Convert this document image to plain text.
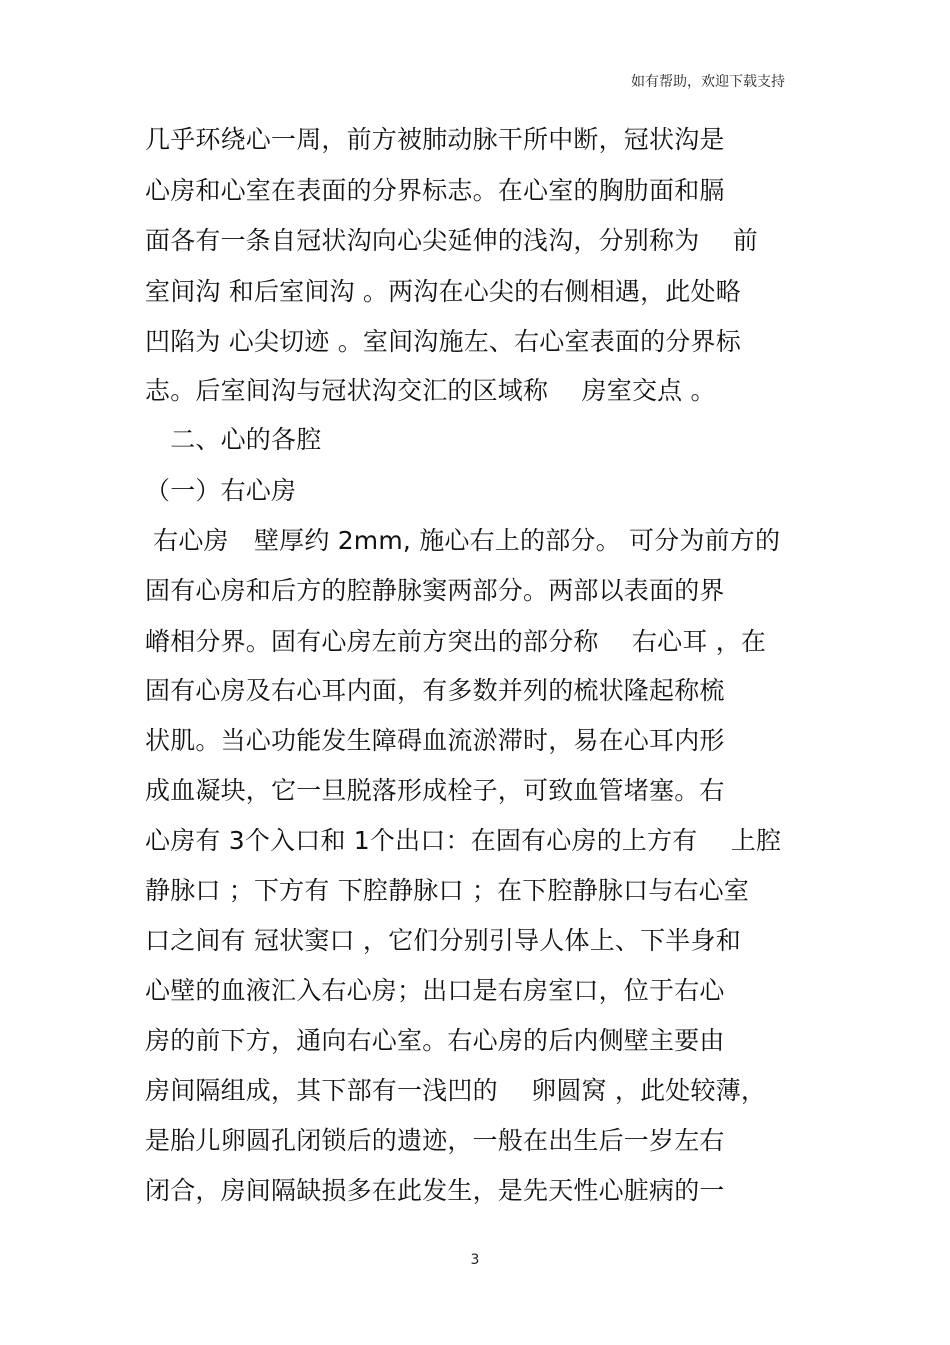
如有帮助，欢迎下载支持
几乎环绕心一周，前方被肺动脉干所中断，冠状沟是
心房和心室在表面的分界标志。在心室的胸肋面和膈
面各有一条自冠状沟向心尖延伸的浅沟，分别称为　 前
室间沟 和后室间沟 。两沟在心尖的右侧相遇，此处略
凹陷为 心尖切迹 。室间沟施左、右心室表面的分界标
志。后室间沟与冠状沟交汇的区域称　 房室交点 。
　二、心的各腔
（一）右心房
右心房　壁厚约 2mm, 施心右上的部分。 可分为前方的
固有心房和后方的腔静脉窦两部分。两部以表面的界
嵴相分界。固有心房左前方突出的部分称　 右心耳 ，在
固有心房及右心耳内面，有多数并列的梳状隆起称梳
状肌。当心功能发生障碍血流淤滞时，易在心耳内形
成血凝块，它一旦脱落形成栓子，可致血管堵塞。右
心房有 3个入口和 1个出口：在固有心房的上方有　 上腔
静脉口 ；下方有 下腔静脉口 ；在下腔静脉口与右心室
口之间有 冠状窦口 ，它们分别引导人体上、下半身和
心壁的血液汇入右心房；出口是右房室口，位于右心
房的前下方，通向右心室。右心房的后内侧壁主要由
房间隔组成，其下部有一浅凹的　 卵圆窝 ，此处较薄，
是胎儿卵圆孔闭锁后的遗迹，一般在出生后一岁左右
闭合，房间隔缺损多在此发生，是先天性心脏病的一
3
